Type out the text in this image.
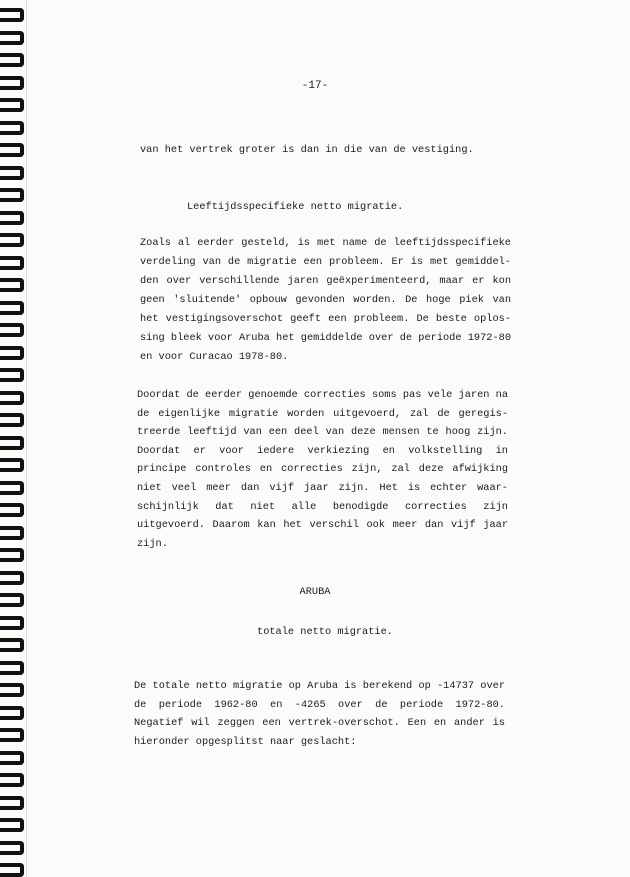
-17-
van het vertrek groter is dan in die van de vestiging.
Leeftijdsspecifieke netto migratie.
Zoals al eerder gesteld, is met name de leeftijdsspecifieke
verdeling van de migratie een probleem. Er is met gemiddel-
den over verschillende jaren geëxperimenteerd, maar er kon
geen 'sluitende' opbouw gevonden worden. De hoge piek van
het vestigingsoverschot geeft een probleem. De beste oplos-
sing bleek voor Aruba het gemiddelde over de periode 1972-80
en voor Curacao 1978-80.
Doordat de eerder genoemde correcties soms pas vele jaren na
de eigenlijke migratie worden uitgevoerd, zal de geregis-
treerde leeftijd van een deel van deze mensen te hoog zijn.
Doordat er voor iedere verkiezing en volkstelling in
principe controles en correcties zijn, zal deze afwijking
niet veel meer dan vijf jaar zijn. Het is echter waar-
schijnlijk dat niet alle benodigde correcties zijn
uitgevoerd. Daarom kan het verschil ook meer dan vijf jaar
zijn.
ARUBA
totale netto migratie.
De totale netto migratie op Aruba is berekend op -14737 over
de periode 1962-80 en -4265 over de periode 1972-80.
Negatief wil zeggen een vertrek-overschot. Een en ander is
hieronder opgesplitst naar geslacht:
